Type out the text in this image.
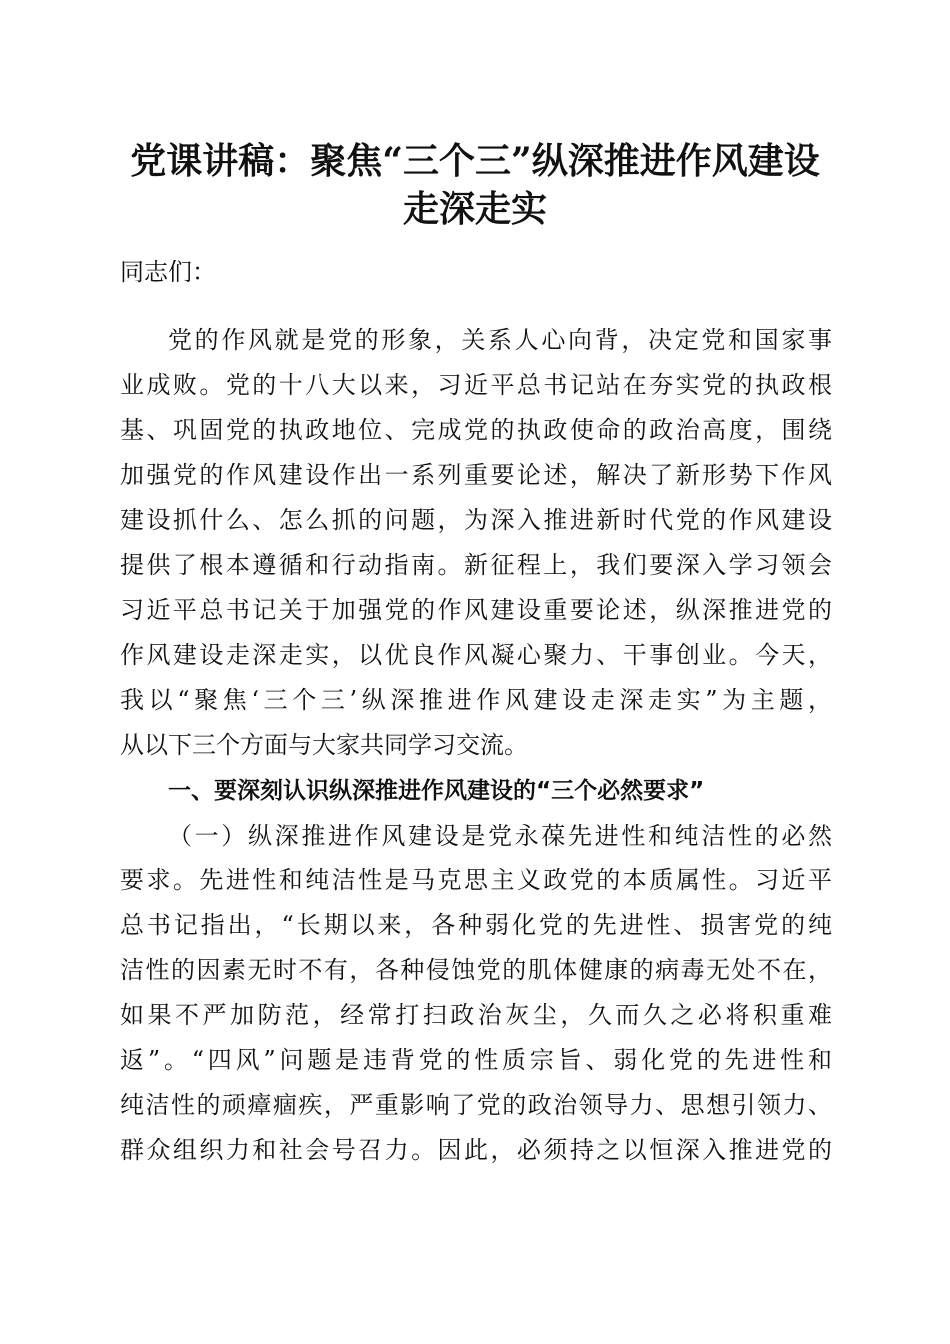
党课讲稿：聚焦“三个三”纵深推进作风建设
走深走实
同志们：
党的作风就是党的形象，关系人心向背，决定党和国家事
业成败。党的十八大以来，习近平总书记站在夯实党的执政根
基、巩固党的执政地位、完成党的执政使命的政治高度，围绕
加强党的作风建设作出一系列重要论述，解决了新形势下作风
建设抓什么、怎么抓的问题，为深入推进新时代党的作风建设
提供了根本遵循和行动指南。新征程上，我们要深入学习领会
习近平总书记关于加强党的作风建设重要论述，纵深推进党的
作风建设走深走实，以优良作风凝心聚力、干事创业。今天，
我以“聚焦‘三个三’纵深推进作风建设走深走实”为主题，
从以下三个方面与大家共同学习交流。
一、要深刻认识纵深推进作风建设的“三个必然要求”
（一）纵深推进作风建设是党永葆先进性和纯洁性的必然
要求。先进性和纯洁性是马克思主义政党的本质属性。习近平
总书记指出，“长期以来，各种弱化党的先进性、损害党的纯
洁性的因素无时不有，各种侵蚀党的肌体健康的病毒无处不在，
如果不严加防范，经常打扫政治灰尘，久而久之必将积重难
返”。“四风”问题是违背党的性质宗旨、弱化党的先进性和
纯洁性的顽瘴痼疾，严重影响了党的政治领导力、思想引领力、
群众组织力和社会号召力。因此，必须持之以恒深入推进党的
